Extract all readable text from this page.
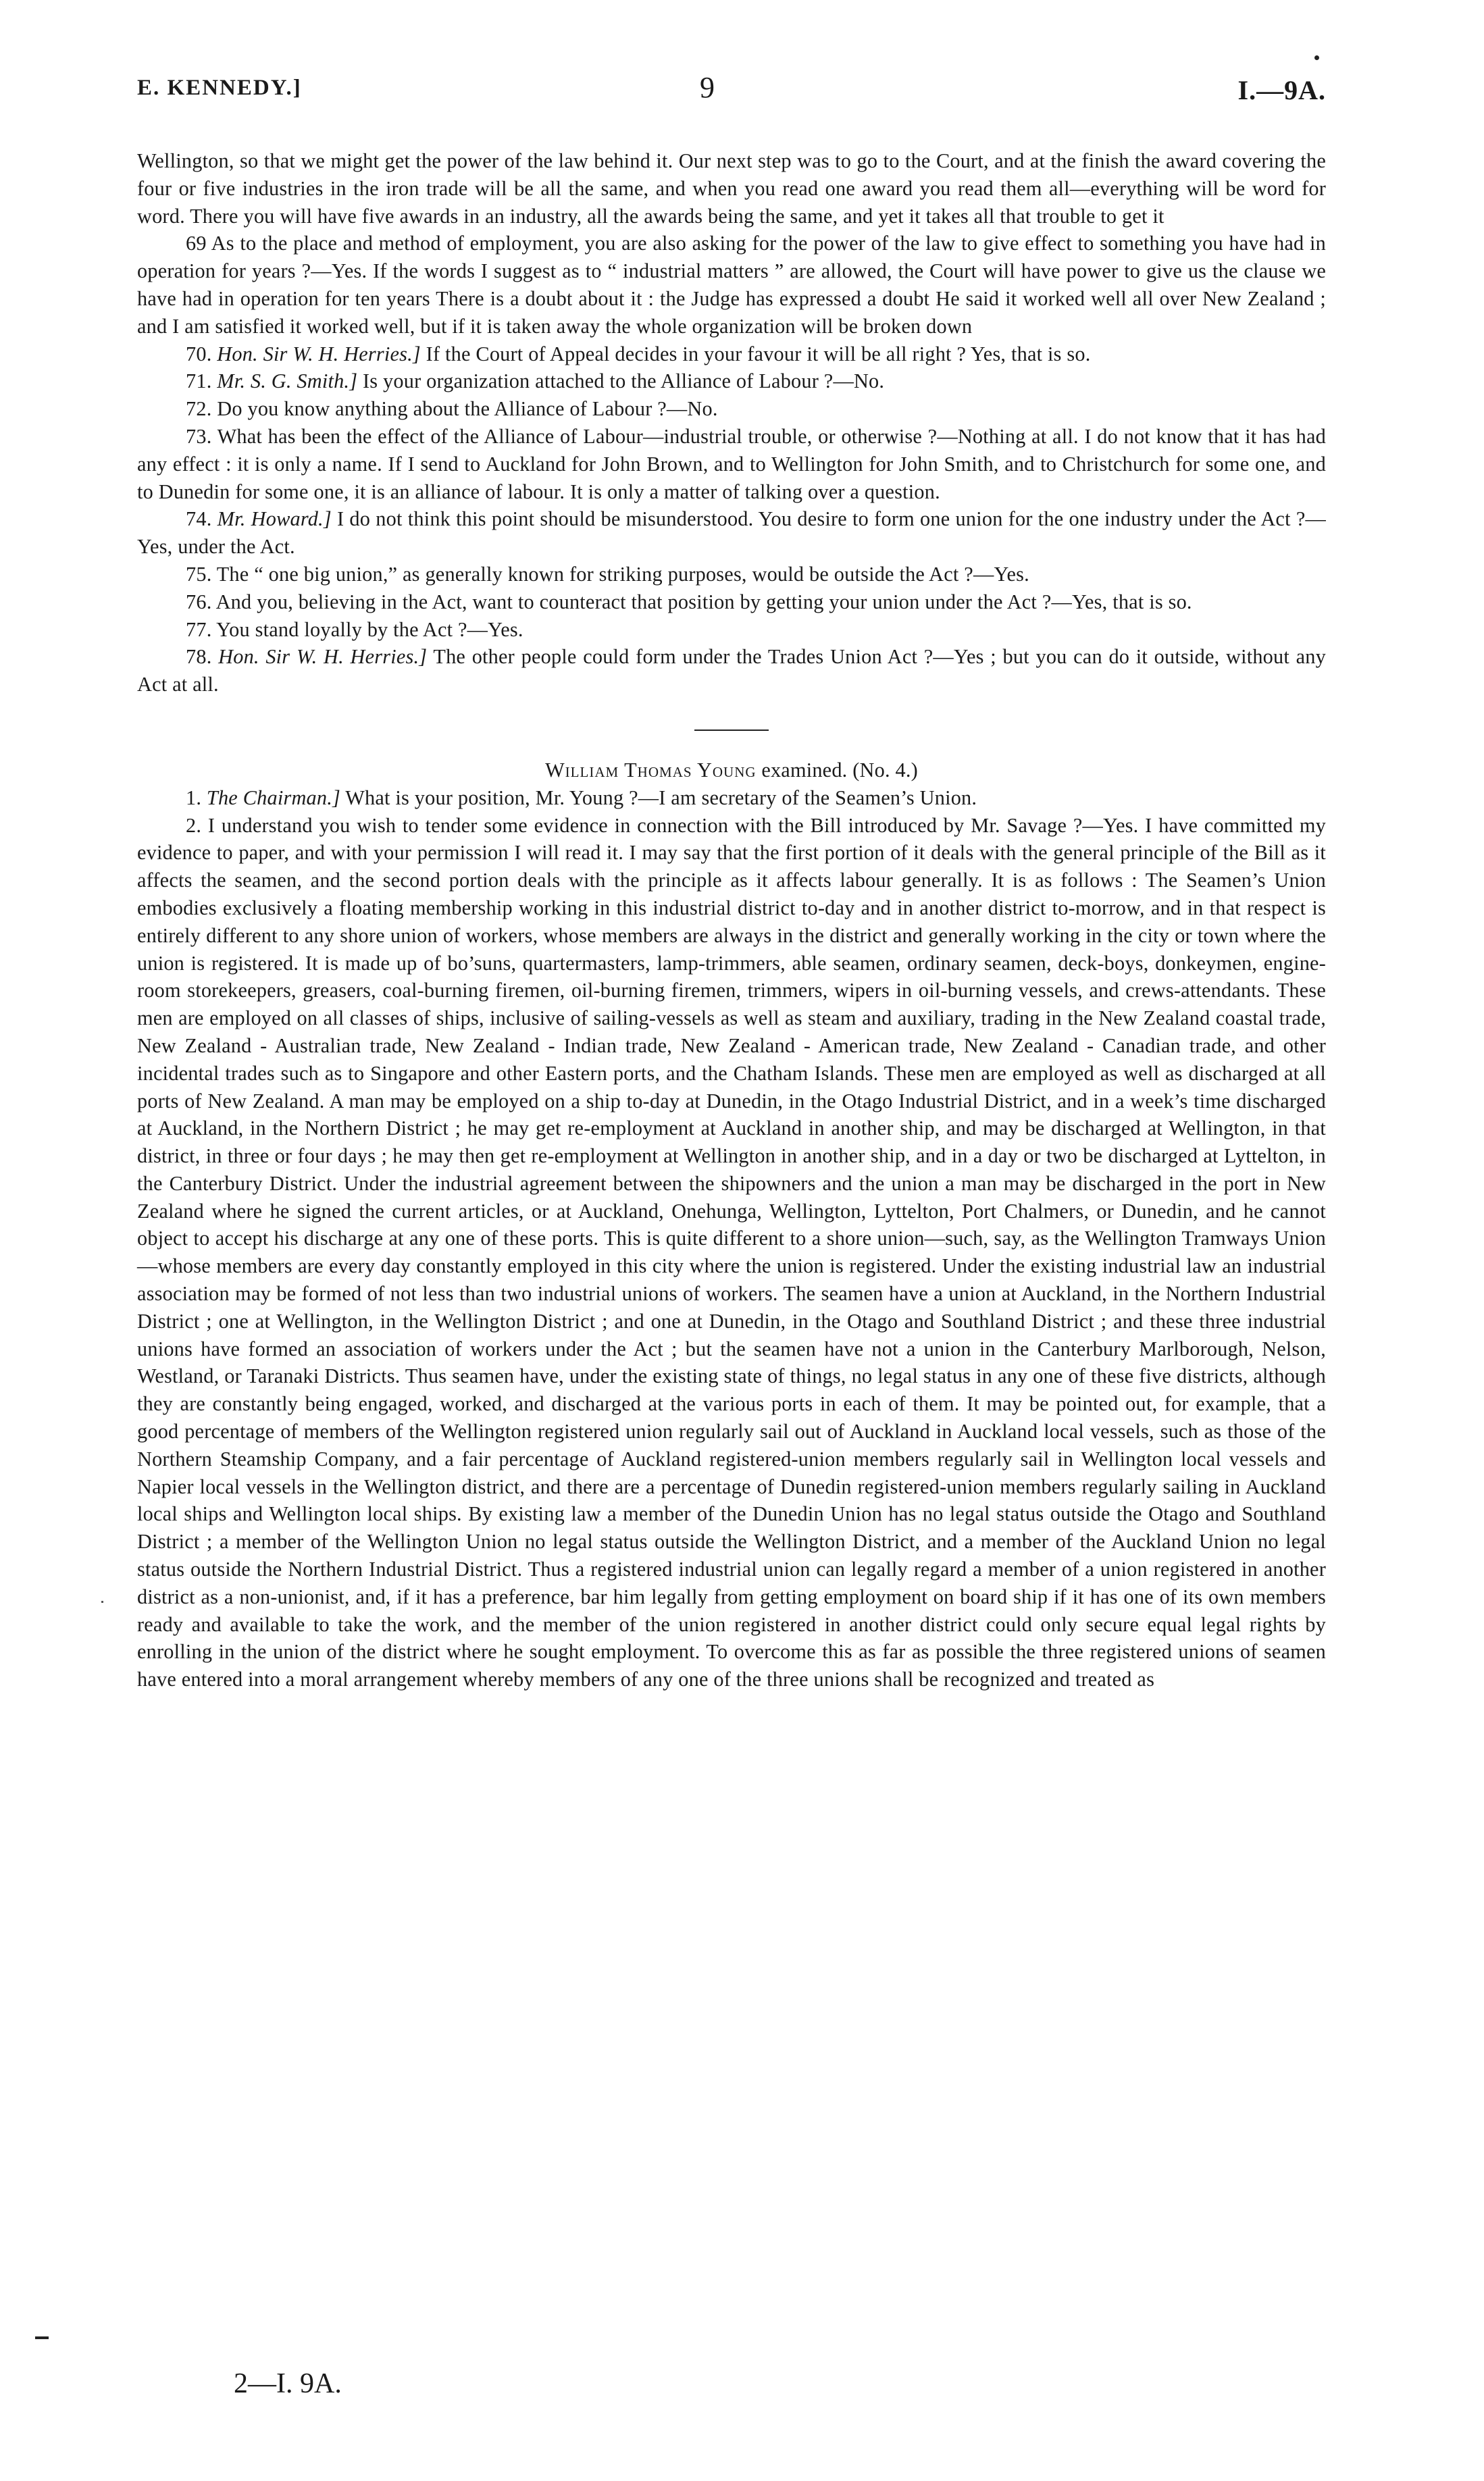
E. KENNEDY.]	9	I.—9A.

Wellington, so that we might get the power of the law behind it. Our next step was to go to the Court, and at the finish the award covering the four or five industries in the iron trade will be all the same, and when you read one award you read them all—everything will be word for word. There you will have five awards in an industry, all the awards being the same, and yet it takes all that trouble to get it

69 As to the place and method of employment, you are also asking for the power of the law to give effect to something you have had in operation for years ?—Yes. If the words I suggest as to “ industrial matters ” are allowed, the Court will have power to give us the clause we have had in operation for ten years There is a doubt about it : the Judge has expressed a doubt He said it worked well all over New Zealand ; and I am satisfied it worked well, but if it is taken away the whole organization will be broken down

70. Hon. Sir W. H. Herries.] If the Court of Appeal decides in your favour it will be all right ? Yes, that is so.

71. Mr. S. G. Smith.] Is your organization attached to the Alliance of Labour ?—No.

72. Do you know anything about the Alliance of Labour ?—No.

73. What has been the effect of the Alliance of Labour—industrial trouble, or otherwise ?—Nothing at all. I do not know that it has had any effect : it is only a name. If I send to Auckland for John Brown, and to Wellington for John Smith, and to Christchurch for some one, and to Dunedin for some one, it is an alliance of labour. It is only a matter of talking over a question.

74. Mr. Howard.] I do not think this point should be misunderstood. You desire to form one union for the one industry under the Act ?—Yes, under the Act.

75. The “ one big union,” as generally known for striking purposes, would be outside the Act ?—Yes.

76. And you, believing in the Act, want to counteract that position by getting your union under the Act ?—Yes, that is so.

77. You stand loyally by the Act ?—Yes.

78. Hon. Sir W. H. Herries.] The other people could form under the Trades Union Act ?—Yes ; but you can do it outside, without any Act at all.

William Thomas Young examined. (No. 4.)

1. The Chairman.] What is your position, Mr. Young ?—I am secretary of the Seamen’s Union.

2. I understand you wish to tender some evidence in connection with the Bill introduced by Mr. Savage ?—Yes. I have committed my evidence to paper, and with your permission I will read it. I may say that the first portion of it deals with the general principle of the Bill as it affects the seamen, and the second portion deals with the principle as it affects labour generally. It is as follows : The Seamen’s Union embodies exclusively a floating membership working in this industrial district to-day and in another district to-morrow, and in that respect is entirely different to any shore union of workers, whose members are always in the district and generally working in the city or town where the union is registered. It is made up of bo’suns, quartermasters, lamp-trimmers, able seamen, ordinary seamen, deck-boys, donkeymen, engine-room storekeepers, greasers, coal-burning firemen, oil-burning firemen, trimmers, wipers in oil-burning vessels, and crews-attendants. These men are employed on all classes of ships, inclusive of sailing-vessels as well as steam and auxiliary, trading in the New Zealand coastal trade, New Zealand - Australian trade, New Zealand - Indian trade, New Zealand - American trade, New Zealand - Canadian trade, and other incidental trades such as to Singapore and other Eastern ports, and the Chatham Islands. These men are employed as well as discharged at all ports of New Zealand. A man may be employed on a ship to-day at Dunedin, in the Otago Industrial District, and in a week’s time discharged at Auckland, in the Northern District ; he may get re-employment at Auckland in another ship, and may be discharged at Wellington, in that district, in three or four days ; he may then get re-employment at Wellington in another ship, and in a day or two be discharged at Lyttelton, in the Canterbury District. Under the industrial agreement between the shipowners and the union a man may be discharged in the port in New Zealand where he signed the current articles, or at Auckland, Onehunga, Wellington, Lyttelton, Port Chalmers, or Dunedin, and he cannot object to accept his discharge at any one of these ports. This is quite different to a shore union—such, say, as the Wellington Tramways Union—whose members are every day constantly employed in this city where the union is registered. Under the existing industrial law an industrial association may be formed of not less than two industrial unions of workers. The seamen have a union at Auckland, in the Northern Industrial District ; one at Wellington, in the Wellington District ; and one at Dunedin, in the Otago and Southland District ; and these three industrial unions have formed an association of workers under the Act ; but the seamen have not a union in the Canterbury Marlborough, Nelson, Westland, or Taranaki Districts. Thus seamen have, under the existing state of things, no legal status in any one of these five districts, although they are constantly being engaged, worked, and discharged at the various ports in each of them. It may be pointed out, for example, that a good percentage of members of the Wellington registered union regularly sail out of Auckland in Auckland local vessels, such as those of the Northern Steamship Company, and a fair percentage of Auckland registered-union members regularly sail in Wellington local vessels and Napier local vessels in the Wellington district, and there are a percentage of Dunedin registered-union members regularly sailing in Auckland local ships and Wellington local ships. By existing law a member of the Dunedin Union has no legal status outside the Otago and Southland District ; a member of the Wellington Union no legal status outside the Wellington District, and a member of the Auckland Union no legal status outside the Northern Industrial District. Thus a registered industrial union can legally regard a member of a union registered in another district as a non-unionist, and, if it has a preference, bar him legally from getting employment on board ship if it has one of its own members ready and available to take the work, and the member of the union registered in another district could only secure equal legal rights by enrolling in the union of the district where he sought employment. To overcome this as far as possible the three registered unions of seamen have entered into a moral arrangement whereby members of any one of the three unions shall be recognized and treated as

2—I. 9A.
